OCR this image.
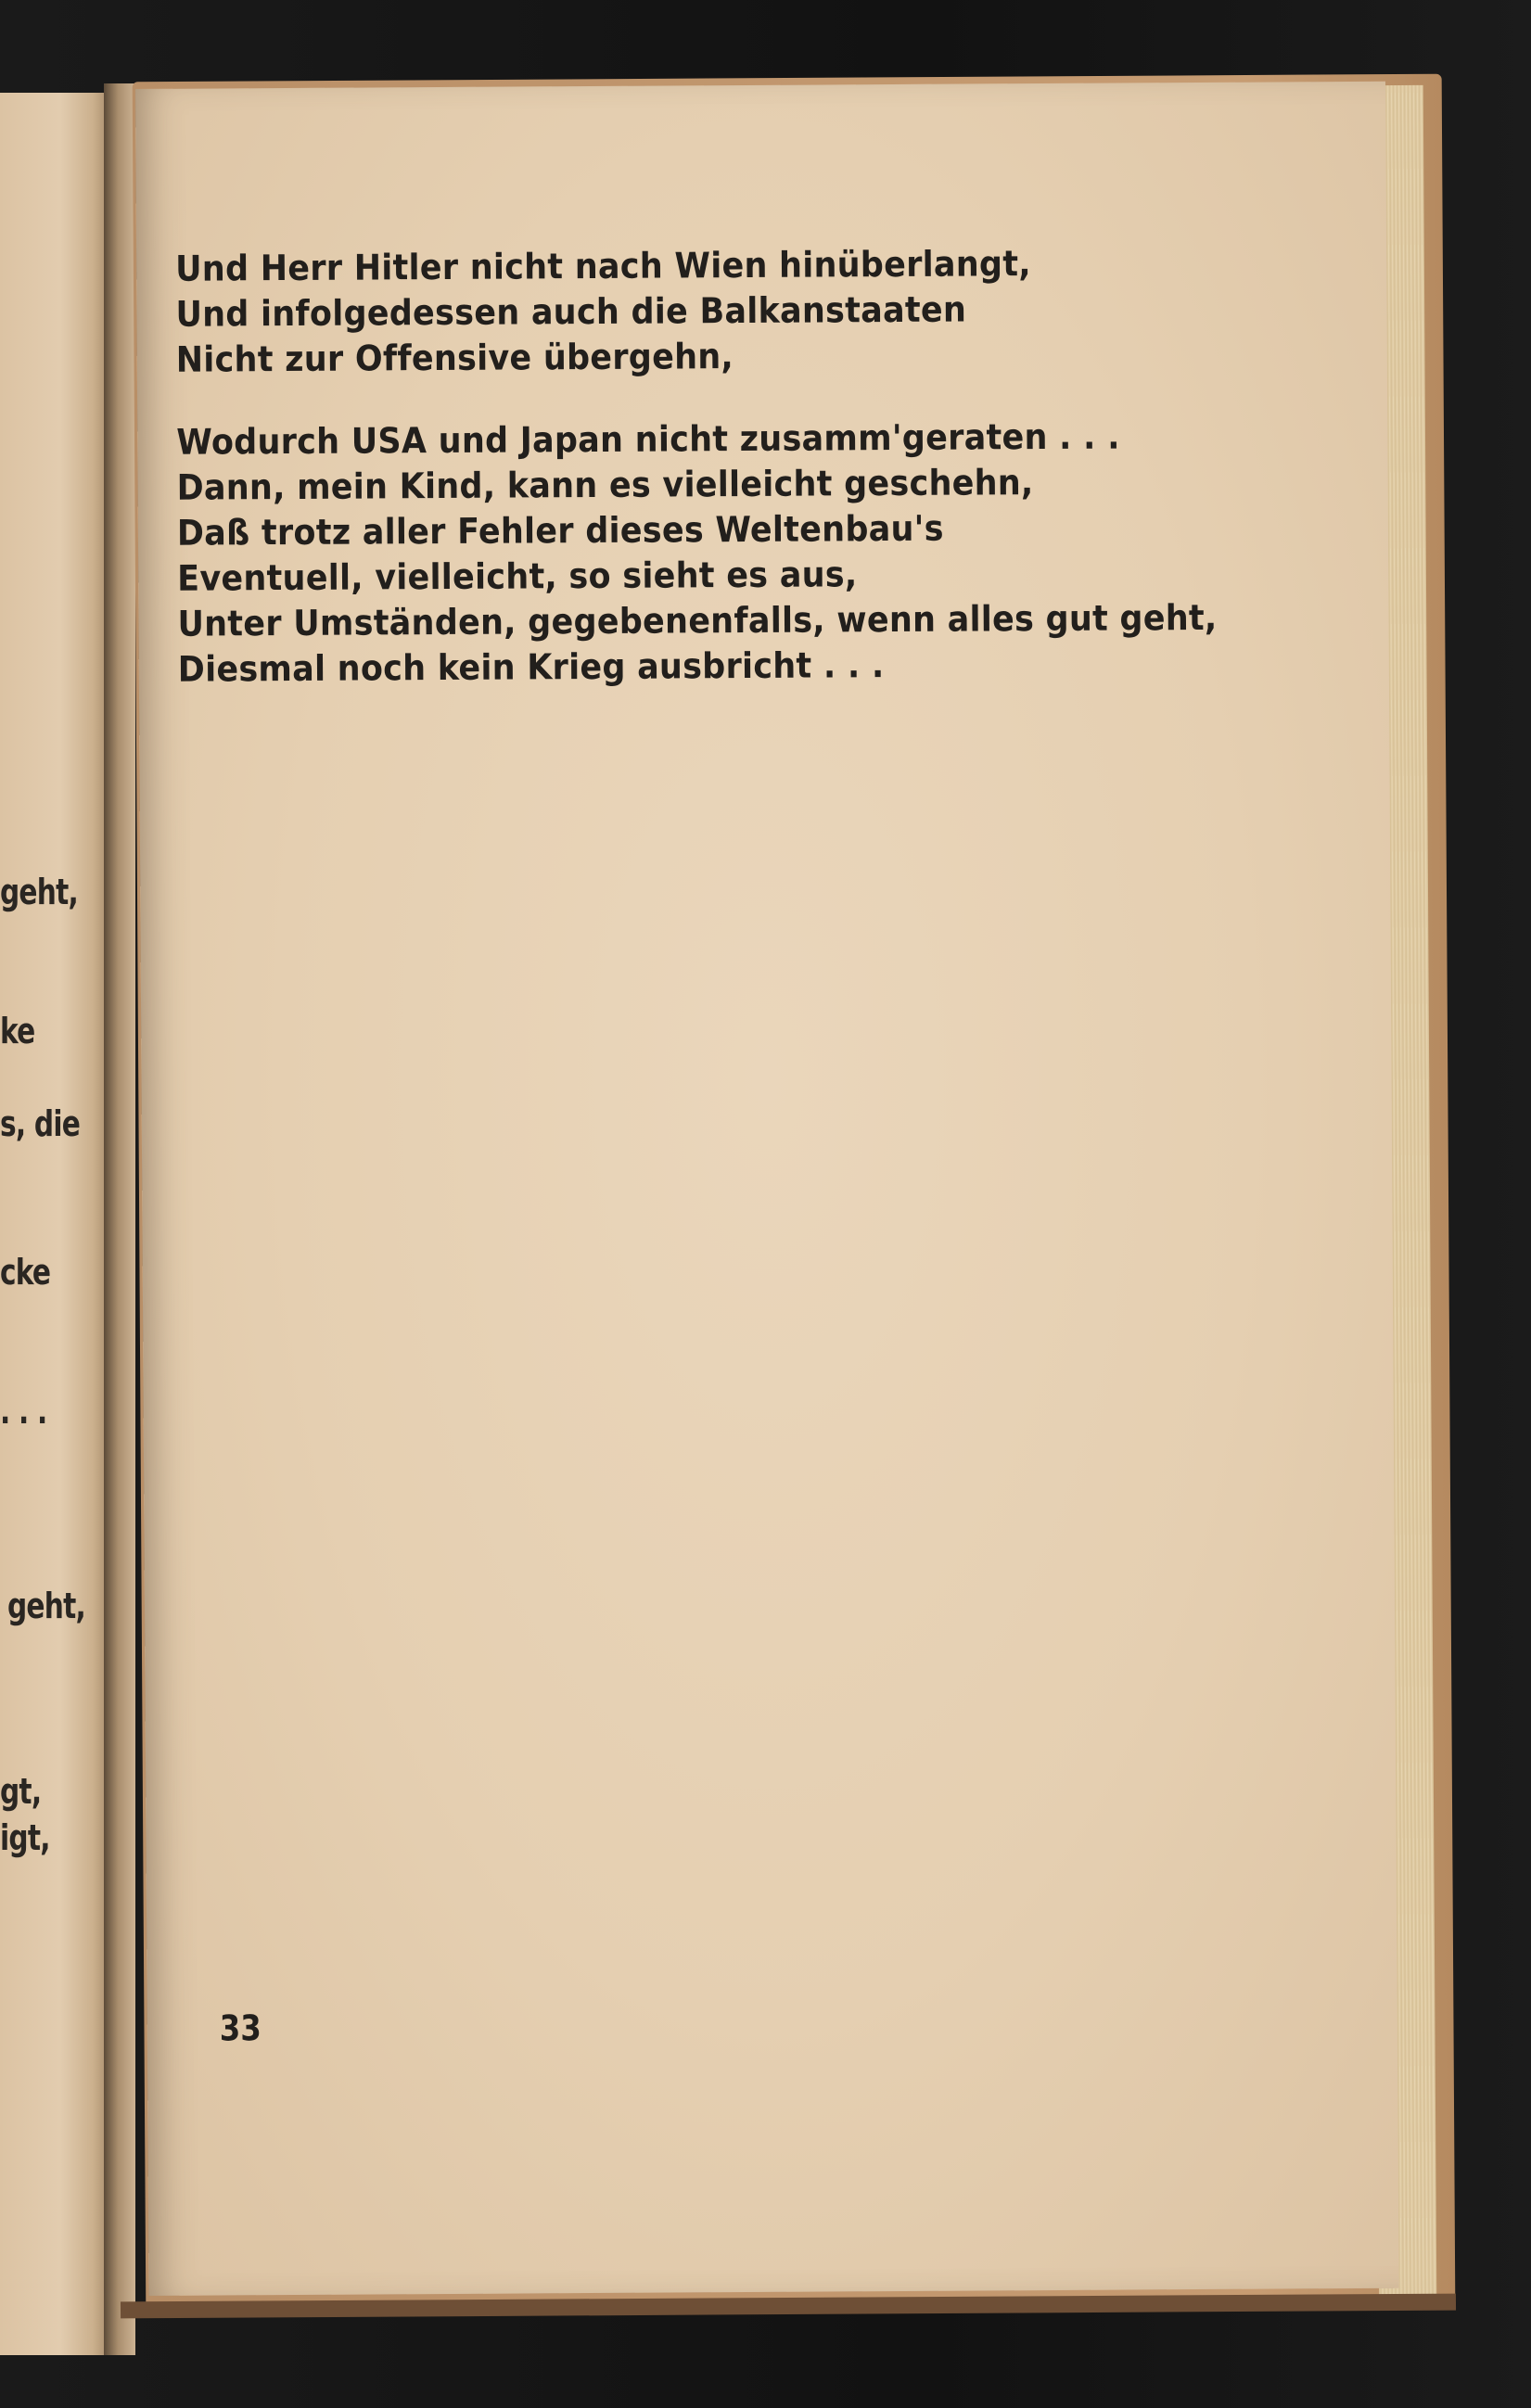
geht,
ke
s, die
cke
. . .
geht,
gt,
igt,
Und Herr Hitler nicht nach Wien hinüberlangt,
Und infolgedessen auch die Balkanstaaten
Nicht zur Offensive übergehn,
Wodurch USA und Japan nicht zusamm'geraten . . .
Dann, mein Kind, kann es vielleicht geschehn,
Daß trotz aller Fehler dieses Weltenbau's
Eventuell, vielleicht, so sieht es aus,
Unter Umständen, gegebenenfalls, wenn alles gut geht,
Diesmal noch kein Krieg ausbricht . . .
33
